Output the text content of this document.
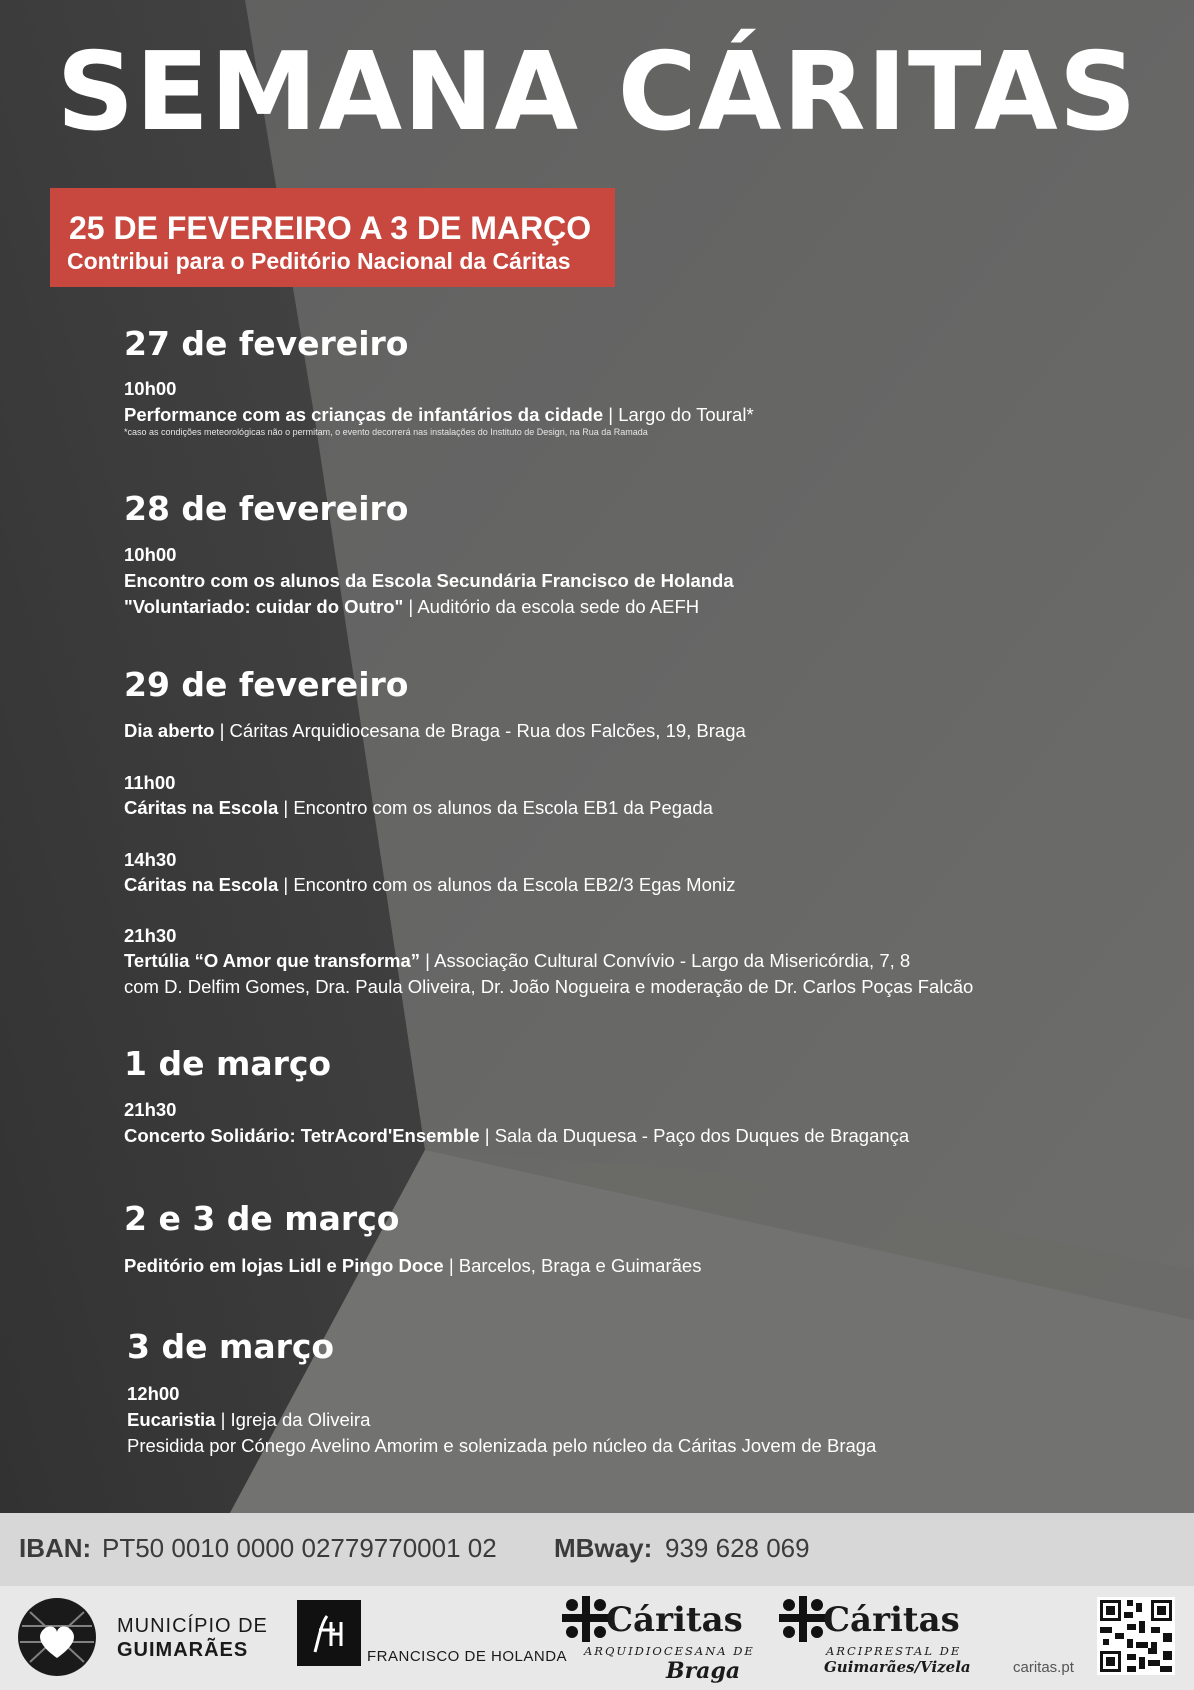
SEMANA CÁRITAS
25 DE FEVEREIRO A 3 DE MARÇO
Contribui para o Peditório Nacional da Cáritas
27 de fevereiro
10h00
Performance com as crianças de infantários da cidade | Largo do Toural*
*caso as condições meteorológicas não o permitam, o evento decorrerá nas instalações do Instituto de Design, na Rua da Ramada
28 de fevereiro
10h00
Encontro com os alunos da Escola Secundária Francisco de Holanda
"Voluntariado: cuidar do Outro" | Auditório da escola sede do AEFH
29 de fevereiro
Dia aberto | Cáritas Arquidiocesana de Braga - Rua dos Falcões, 19, Braga
11h00
Cáritas na Escola | Encontro com os alunos da Escola EB1 da Pegada
14h30
Cáritas na Escola | Encontro com os alunos da Escola EB2/3 Egas Moniz
21h30
Tertúlia “O Amor que transforma” | Associação Cultural Convívio - Largo da Misericórdia, 7, 8
com D. Delfim Gomes, Dra. Paula Oliveira, Dr. João Nogueira e moderação de Dr. Carlos Poças Falcão
1 de março
21h30
Concerto Solidário: TetrAcord'Ensemble | Sala da Duquesa - Paço dos Duques de Bragança
2 e 3 de março
Peditório em lojas Lidl e Pingo Doce | Barcelos, Braga e Guimarães
3 de março
12h00
Eucaristia | Igreja da Oliveira
Presidida por Cónego Avelino Amorim e solenizada pelo núcleo da Cáritas Jovem de Braga
IBAN: PT50 0010 0000 02779770001 02 MBway: 939 628 069
MUNICÍPIO DE
GUIMARÃES	FRANCISCO DE HOLANDA
Cáritas
ARQUIDIOCESANA DE
Braga
Cáritas
ARCIPRESTAL DE
Guimarães/Vizela	caritas.pt
